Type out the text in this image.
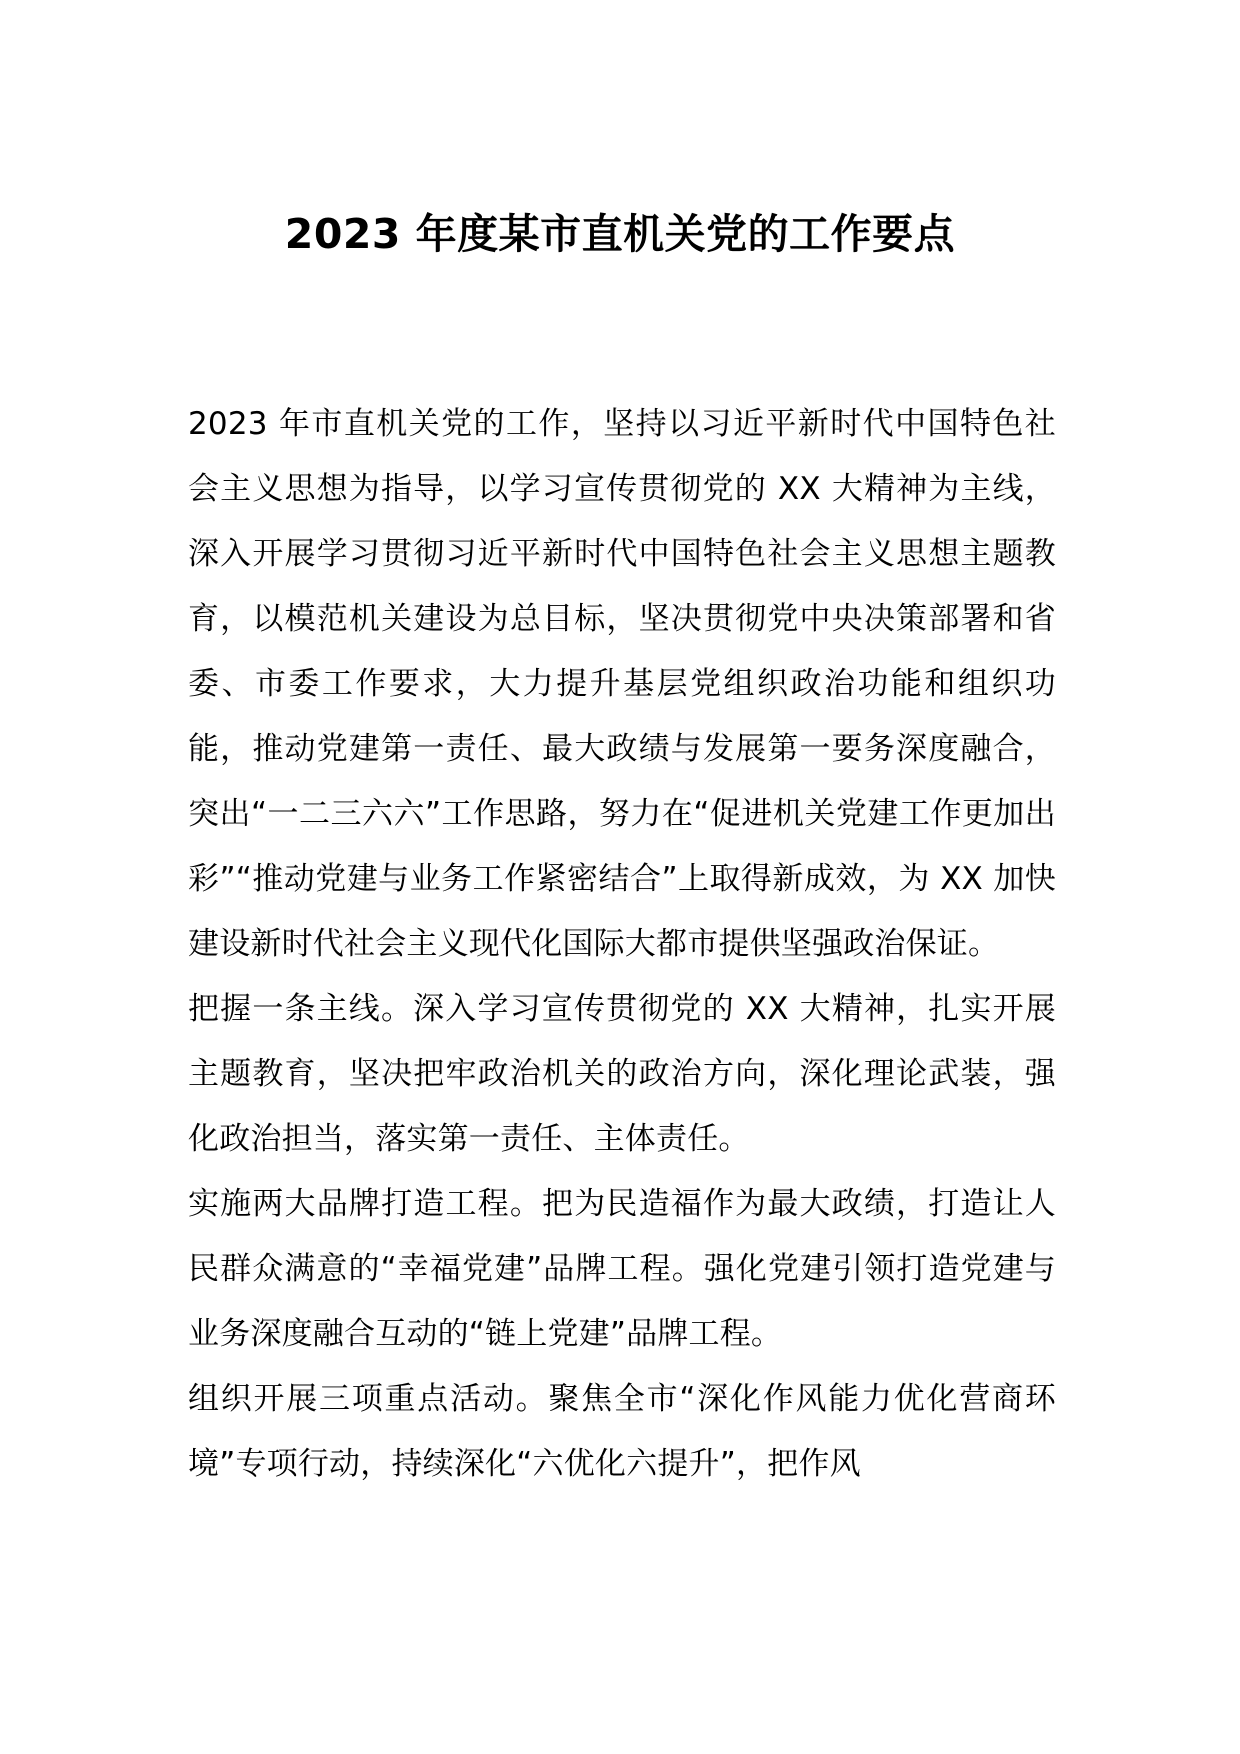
2023 年度某市直机关党的工作要点

2023 年市直机关党的工作，坚持以习近平新时代中国特色社会主义思想为指导，以学习宣传贯彻党的 XX 大精神为主线，深入开展学习贯彻习近平新时代中国特色社会主义思想主题教育，以模范机关建设为总目标，坚决贯彻党中央决策部署和省委、市委工作要求，大力提升基层党组织政治功能和组织功能，推动党建第一责任、最大政绩与发展第一要务深度融合，突出“一二三六六”工作思路，努力在“促进机关党建工作更加出彩”“推动党建与业务工作紧密结合”上取得新成效，为 XX 加快建设新时代社会主义现代化国际大都市提供坚强政治保证。

把握一条主线。深入学习宣传贯彻党的 XX 大精神，扎实开展主题教育，坚决把牢政治机关的政治方向，深化理论武装，强化政治担当，落实第一责任、主体责任。

实施两大品牌打造工程。把为民造福作为最大政绩，打造让人民群众满意的“幸福党建”品牌工程。强化党建引领打造党建与业务深度融合互动的“链上党建”品牌工程。

组织开展三项重点活动。聚焦全市“深化作风能力优化营商环境”专项行动，持续深化“六优化六提升”，把作风
